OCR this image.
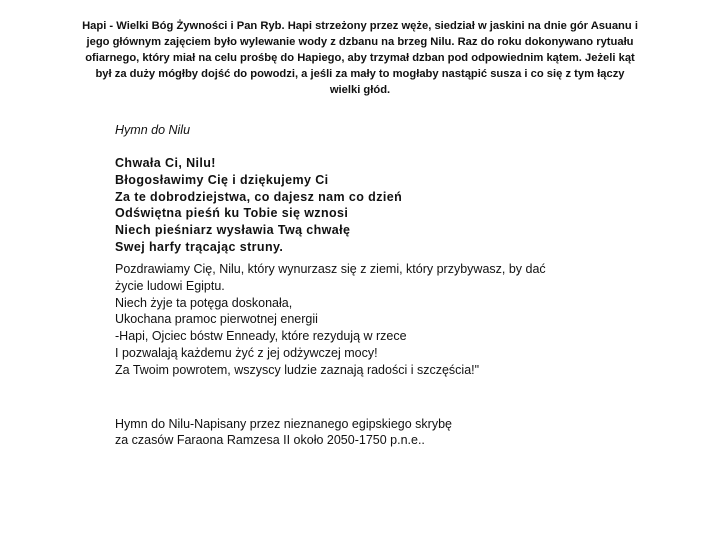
Hapi - Wielki Bóg Żywności i Pan Ryb. Hapi strzeżony przez węże, siedział w jaskini na dnie gór Asuanu i
jego głównym zajęciem było wylewanie wody z dzbanu na brzeg Nilu. Raz do roku dokonywano rytuału
ofiarnego, który miał na celu prośbę do Hapiego, aby trzymał dzban pod odpowiednim kątem. Jeżeli kąt
był za duży mógłby dojść do powodzi, a jeśli za mały to mogłaby nastąpić susza i co się z tym łączy
wielki głód.
Hymn do Nilu
Chwała Ci, Nilu!
Błogosławimy Cię i dziękujemy Ci
Za te dobrodziejstwa, co dajesz nam co dzień
Odświętna pieśń ku Tobie się wznosi
Niech pieśniarz wysławia Twą chwałę
Swej harfy trącając struny.
Pozdrawiamy Cię, Nilu, który wynurzasz się z ziemi, który przybywasz, by dać
życie ludowi Egiptu.
Niech żyje ta potęga doskonała,
Ukochana pramoc pierwotnej energii
-Hapi, Ojciec bóstw Enneady, które rezydują w rzece
I pozwalają każdemu żyć z jej odżywczej mocy!
Za Twoim powrotem, wszyscy ludzie zaznają radości i szczęścia!"
Hymn do Nilu-Napisany przez nieznanego egipskiego skrybę
za czasów Faraona Ramzesa II około 2050-1750 p.n.e..
